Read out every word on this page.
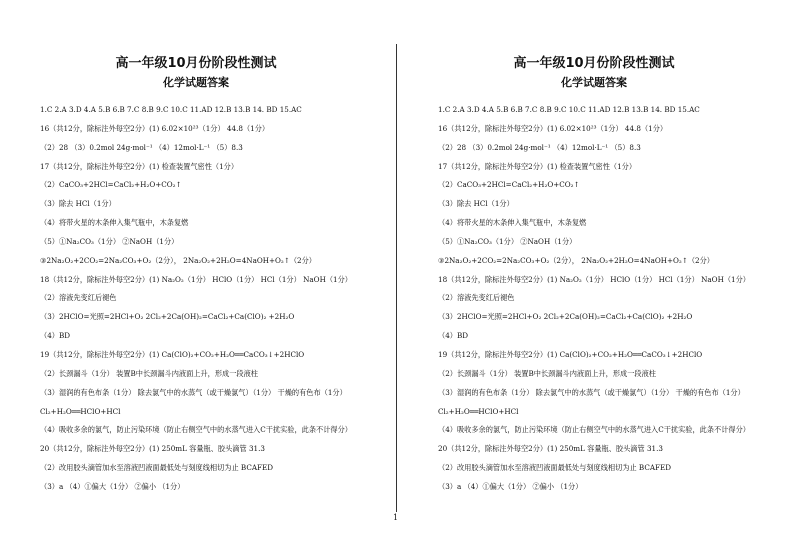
高一年级10月份阶段性测试
化学试题答案
1.C 2.A 3.D 4.A 5.B 6.B 7.C 8.B 9.C 10.C 11.AD 12.B 13.B 14. BD 15.AC
16（共12分，除标注外每空2分）(1) 6.02×10²³（1分） 44.8（1分）
（2）28 （3）0.2mol 24g·mol⁻¹ （4）12mol·L⁻¹ （5）8.3
17（共12分，除标注外每空2分）(1) 检查装置气密性（1分）
（2）CaCO₃+2HCl=CaCl₂+H₂O+CO₂↑
（3）除去 HCl（1分）
（4）将带火星的木条伸入集气瓶中，木条复燃
（5）①Na₂CO₃（1分） ②NaOH（1分）
③2Na₂O₂+2CO₂=2Na₂CO₃+O₂（2分）， 2Na₂O₂+2H₂O=4NaOH+O₂↑（2分）
18（共12分，除标注外每空2分）(1) Na₂O₂（1分） HClO（1分） HCl（1分） NaOH（1分）
（2）溶液先变红后褪色
（3）2HClO=光照=2HCl+O₂ 2Cl₂+2Ca(OH)₂=CaCl₂+Ca(ClO)₂ +2H₂O
（4）BD
19（共12分，除标注外每空2分）(1) Ca(ClO)₂+CO₂+H₂O══CaCO₃↓+2HClO
（2）长颈漏斗（1分） 装置B中长颈漏斗内液面上升，形成一段液柱
（3）湿润的有色布条（1分） 除去氯气中的水蒸气（或干燥氯气）（1分） 干燥的有色布（1分）
Cl₂+H₂O══HClO+HCl
（4）吸收多余的氯气，防止污染环境（防止右侧空气中的水蒸气进入C干扰实验，此条不计得分）
20（共12分，除标注外每空2分）(1) 250mL 容量瓶、胶头滴管 31.3
（2）改用胶头滴管加水至溶液凹液面最低处与刻度线相切为止 BCAFED
（3）a （4）①偏大（1分） ②偏小 （1分）
高一年级10月份阶段性测试
化学试题答案
1.C 2.A 3.D 4.A 5.B 6.B 7.C 8.B 9.C 10.C 11.AD 12.B 13.B 14. BD 15.AC
16（共12分，除标注外每空2分）(1) 6.02×10²³（1分） 44.8（1分）
（2）28 （3）0.2mol 24g·mol⁻¹ （4）12mol·L⁻¹ （5）8.3
17（共12分，除标注外每空2分）(1) 检查装置气密性（1分）
（2）CaCO₃+2HCl=CaCl₂+H₂O+CO₂↑
（3）除去 HCl（1分）
（4）将带火星的木条伸入集气瓶中，木条复燃
（5）①Na₂CO₃（1分） ②NaOH（1分）
③2Na₂O₂+2CO₂=2Na₂CO₃+O₂（2分）， 2Na₂O₂+2H₂O=4NaOH+O₂↑（2分）
18（共12分，除标注外每空2分）(1) Na₂O₂（1分） HClO（1分） HCl（1分） NaOH（1分）
（2）溶液先变红后褪色
（3）2HClO=光照=2HCl+O₂ 2Cl₂+2Ca(OH)₂=CaCl₂+Ca(ClO)₂ +2H₂O
（4）BD
19（共12分，除标注外每空2分）(1) Ca(ClO)₂+CO₂+H₂O══CaCO₃↓+2HClO
（2）长颈漏斗（1分） 装置B中长颈漏斗内液面上升，形成一段液柱
（3）湿润的有色布条（1分） 除去氯气中的水蒸气（或干燥氯气）（1分） 干燥的有色布（1分）
Cl₂+H₂O══HClO+HCl
（4）吸收多余的氯气，防止污染环境（防止右侧空气中的水蒸气进入C干扰实验，此条不计得分）
20（共12分，除标注外每空2分）(1) 250mL 容量瓶、胶头滴管 31.3
（2）改用胶头滴管加水至溶液凹液面最低处与刻度线相切为止 BCAFED
（3）a （4）①偏大（1分） ②偏小 （1分）
1
